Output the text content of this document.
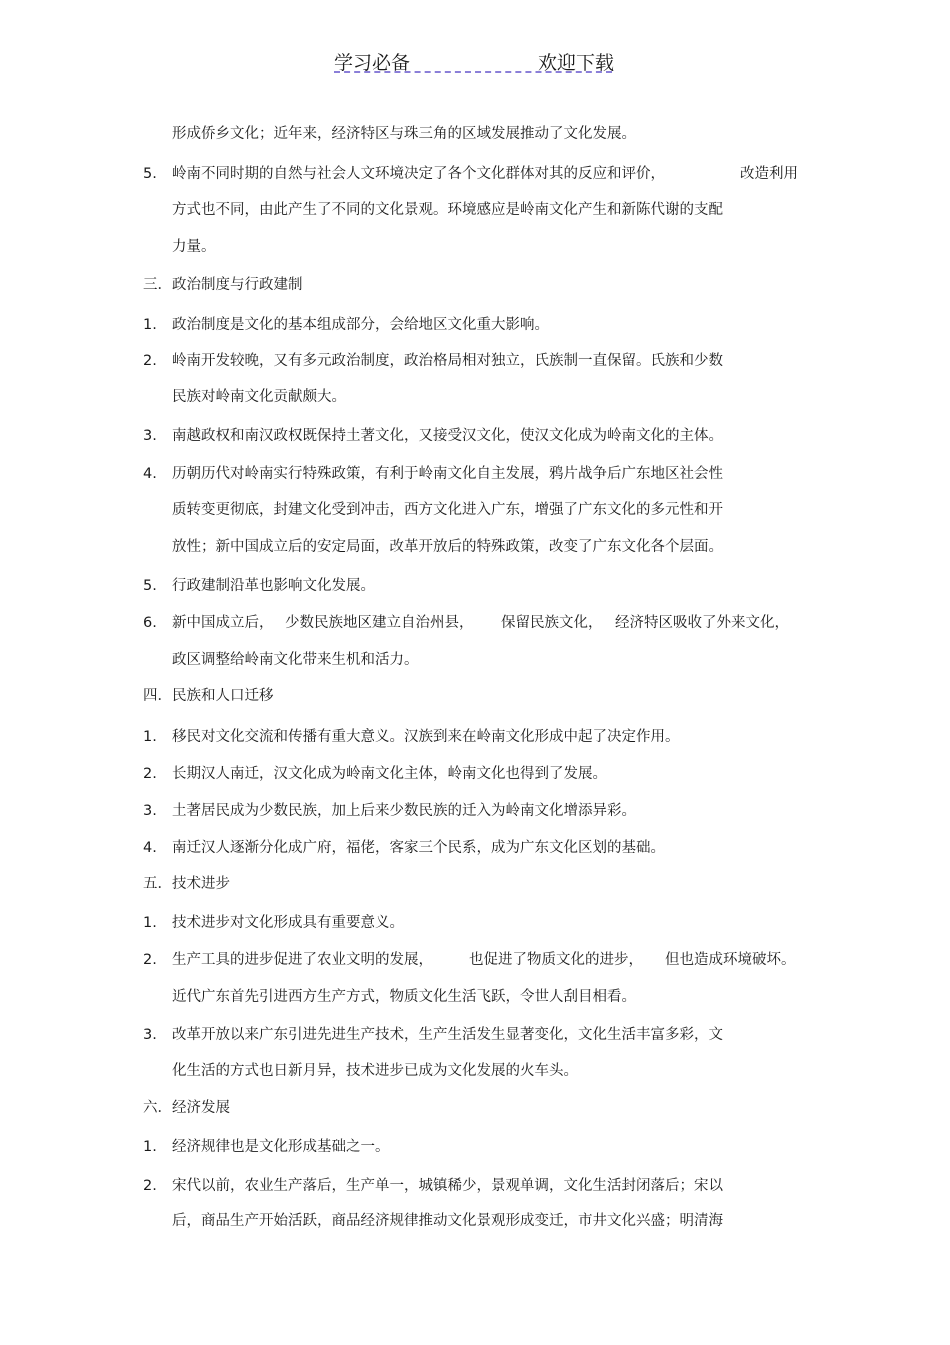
学习必备	欢迎下载
形成侨乡文化；近年来，经济特区与珠三角的区域发展推动了文化发展。
5. 岭南不同时期的自然与社会人文环境决定了各个文化群体对其的反应和评价，	改造利用
方式也不同，由此产生了不同的文化景观。环境感应是岭南文化产生和新陈代谢的支配
力量。
三．政治制度与行政建制
1. 政治制度是文化的基本组成部分，会给地区文化重大影响。
2. 岭南开发较晚，又有多元政治制度，政治格局相对独立，氏族制一直保留。氏族和少数
民族对岭南文化贡献颇大。
3. 南越政权和南汉政权既保持土著文化，又接受汉文化，使汉文化成为岭南文化的主体。
4. 历朝历代对岭南实行特殊政策，有利于岭南文化自主发展，鸦片战争后广东地区社会性
质转变更彻底，封建文化受到冲击，西方文化进入广东，增强了广东文化的多元性和开
放性；新中国成立后的安定局面，改革开放后的特殊政策，改变了广东文化各个层面。
5. 行政建制沿革也影响文化发展。
6. 新中国成立后， 少数民族地区建立自治州县， 保留民族文化， 经济特区吸收了外来文化，
政区调整给岭南文化带来生机和活力。
四．民族和人口迁移
1. 移民对文化交流和传播有重大意义。汉族到来在岭南文化形成中起了决定作用。
2. 长期汉人南迁，汉文化成为岭南文化主体，岭南文化也得到了发展。
3. 土著居民成为少数民族，加上后来少数民族的迁入为岭南文化增添异彩。
4. 南迁汉人逐渐分化成广府，福佬，客家三个民系，成为广东文化区划的基础。
五．技术进步
1. 技术进步对文化形成具有重要意义。
2. 生产工具的进步促进了农业文明的发展， 也促进了物质文化的进步， 但也造成环境破坏。
近代广东首先引进西方生产方式，物质文化生活飞跃，令世人刮目相看。
3. 改革开放以来广东引进先进生产技术，生产生活发生显著变化，文化生活丰富多彩，文
化生活的方式也日新月异，技术进步已成为文化发展的火车头。
六．经济发展
1. 经济规律也是文化形成基础之一。
2. 宋代以前，农业生产落后，生产单一，城镇稀少，景观单调，文化生活封闭落后；宋以
后，商品生产开始活跃，商品经济规律推动文化景观形成变迁，市井文化兴盛；明清海
